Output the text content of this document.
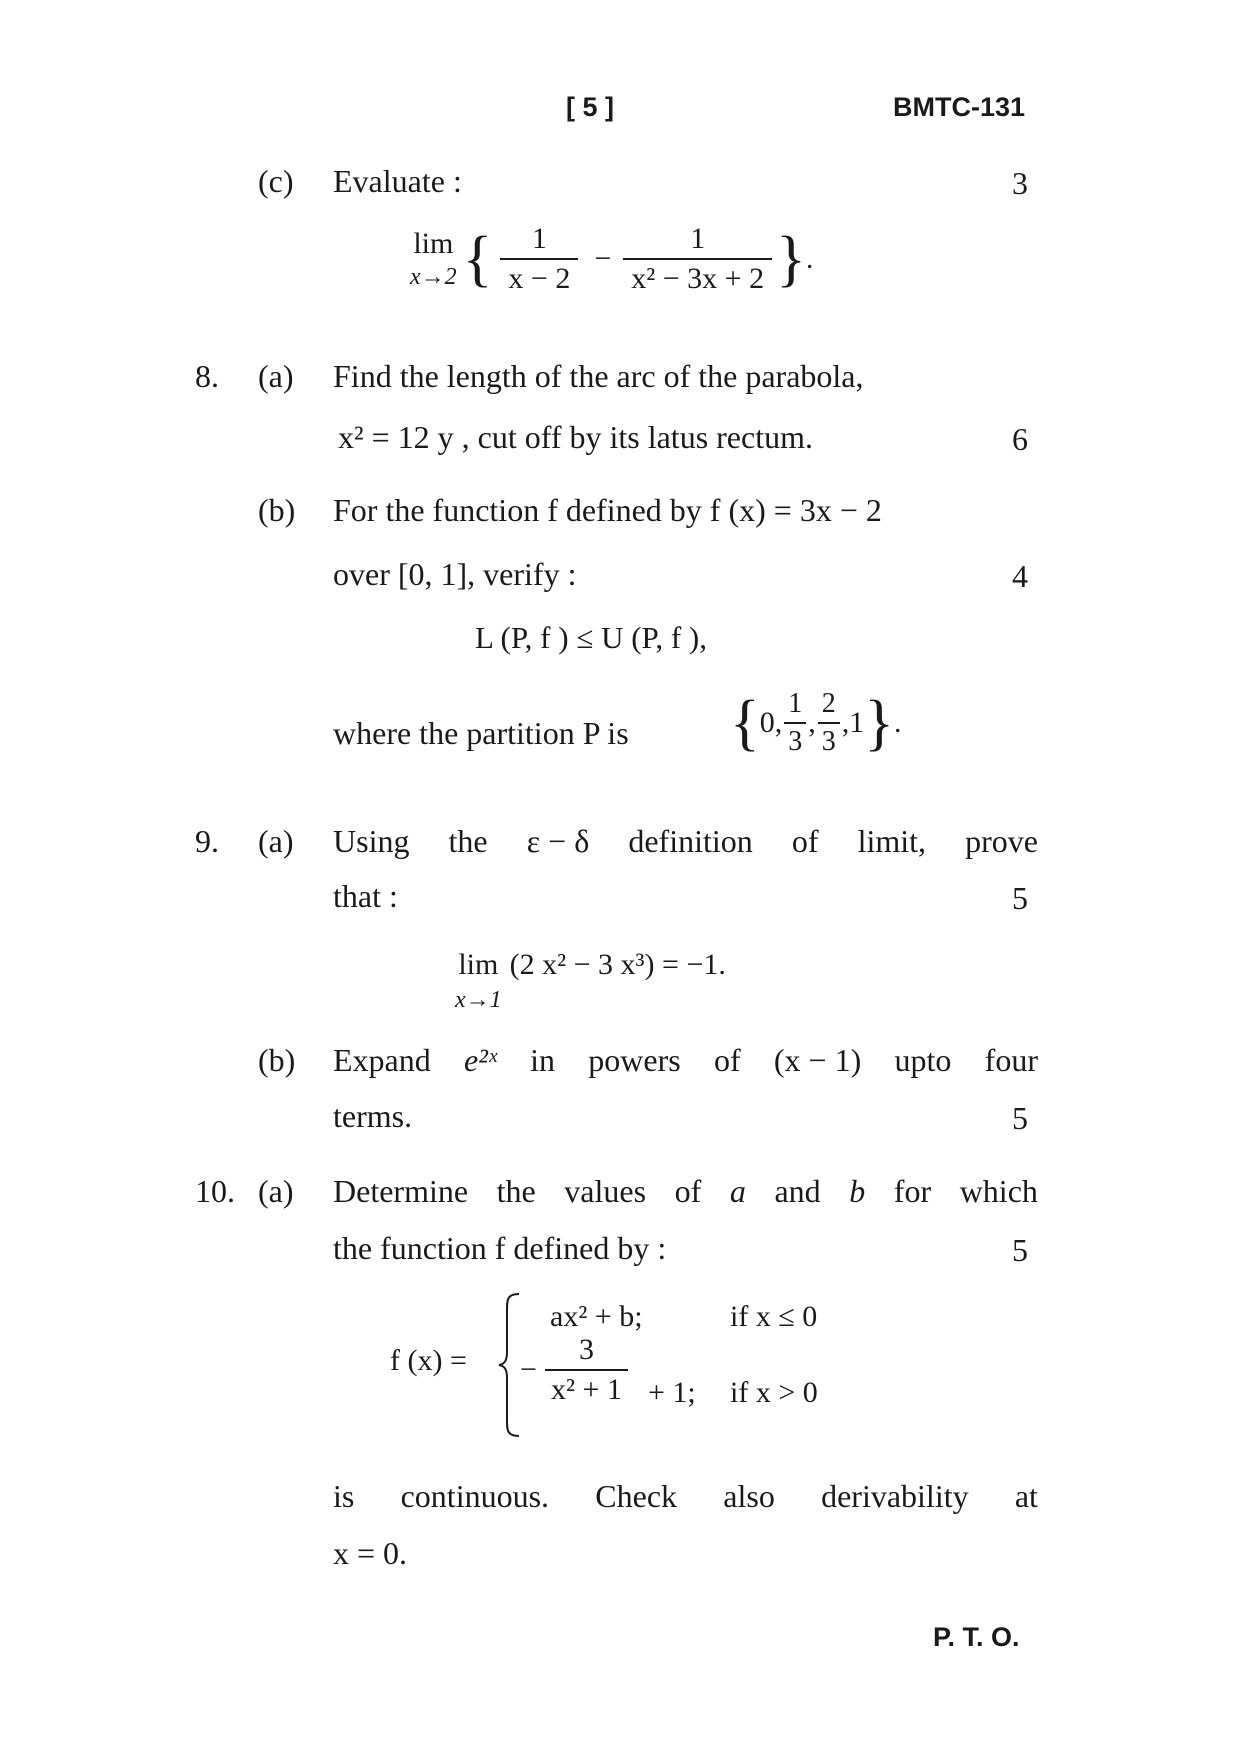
[ 5 ]	BMTC-131
(c) Evaluate :	3
lim
x→2 { $\frac{1}{x - 2} - \frac{1}{\text{x² − 3x + 2}}$ } .
8. (a) Find the length of the arc of the parabola,
x² = 12 y , cut off by its latus rectum.	6
(b) For the function f defined by f (x) = 3x − 2
over [0, 1], verify :	4
L (P, f ) ≤ U (P, f ),
where the partition P is { 0, $\frac{1}{3}$ , $\frac{2}{3}$ , 1 } .
9. (a) Using the ε − δ definition of limit, prove
that :	5
lim
x→1
(2 x² − 3 x³) = −1.
(b) Expand e²ˣ in powers of (x − 1) upto four
terms.	5
10. (a) Determine the values of a and b for which
the function f defined by :	5
f (x) =
ax² + b;	if x ≤ 0
− $\frac{3}{\text{x² + 1}} + 1$; if x > 0
is continuous. Check also derivability at
x = 0.
P. T. O.
